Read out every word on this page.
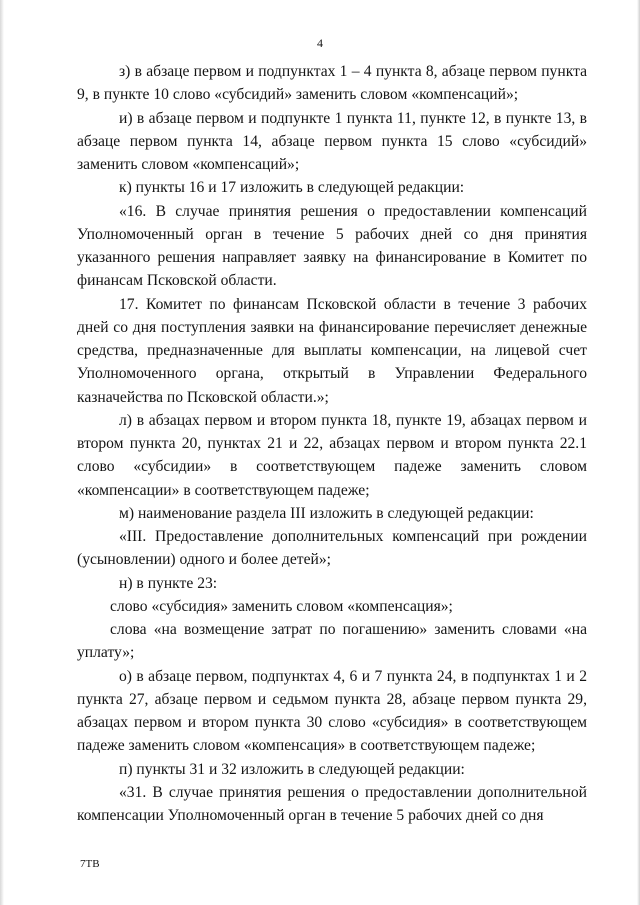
4

з) в абзаце первом и подпунктах 1 – 4 пункта 8, абзаце первом пункта 9, в пункте 10 слово «субсидий» заменить словом «компенсаций»;

и) в абзаце первом и подпункте 1 пункта 11, пункте 12, в пункте 13, в абзаце первом пункта 14, абзаце первом пункта 15 слово «субсидий» заменить словом «компенсаций»;

к) пункты 16 и 17 изложить в следующей редакции:

«16. В случае принятия решения о предоставлении компенсаций Уполномоченный орган в течение 5 рабочих дней со дня принятия указанного решения направляет заявку на финансирование в Комитет по финансам Псковской области.

17. Комитет по финансам Псковской области в течение 3 рабочих дней со дня поступления заявки на финансирование перечисляет денежные средства, предназначенные для выплаты компенсации, на лицевой счет Уполномоченного органа, открытый в Управлении Федерального казначейства по Псковской области.»;

л) в абзацах первом и втором пункта 18, пункте 19, абзацах первом и втором пункта 20, пунктах 21 и 22, абзацах первом и втором пункта 22.1 слово «субсидии» в соответствующем падеже заменить словом «компенсации» в соответствующем падеже;

м) наименование раздела III изложить в следующей редакции:

«III. Предоставление дополнительных компенсаций при рождении (усыновлении) одного и более детей»;

н) в пункте 23:

слово «субсидия» заменить словом «компенсация»;

слова «на возмещение затрат по погашению» заменить словами «на уплату»;

о) в абзаце первом, подпунктах 4, 6 и 7 пункта 24, в подпунктах 1 и 2 пункта 27, абзаце первом и седьмом пункта 28, абзаце первом пункта 29, абзацах первом и втором пункта 30 слово «субсидия» в соответствующем падеже заменить словом «компенсация» в соответствующем падеже;

п) пункты 31 и 32 изложить в следующей редакции:

«31. В случае принятия решения о предоставлении дополнительной компенсации Уполномоченный орган в течение 5 рабочих дней со дня

7ТВ
